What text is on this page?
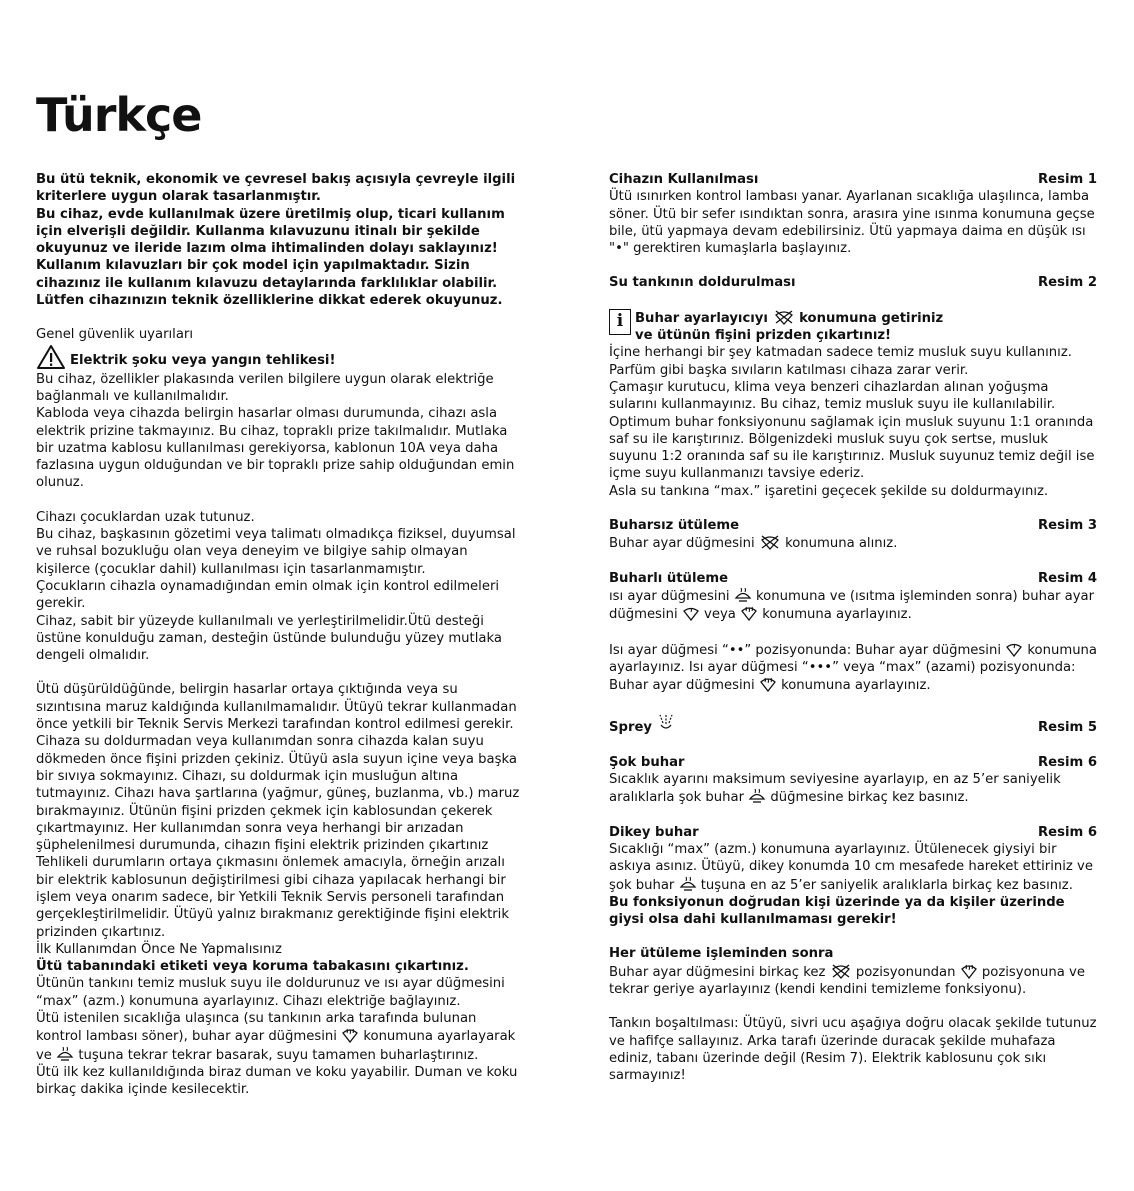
Türkçe

Bu ütü teknik, ekonomik ve çevresel bakış açısıyla çevreyle ilgili kriterlere uygun olarak tasarlanmıştır.

Bu cihaz, evde kullanılmak üzere üretilmiş olup, ticari kullanım için elverişli değildir. Kullanma kılavuzunu itinalı bir şekilde okuyunuz ve ileride lazım olma ihtimalinden dolayı saklayınız!

Kullanım kılavuzları bir çok model için yapılmaktadır. Sizin cihazınız ile kullanım kılavuzu detaylarında farklılıklar olabilir. Lütfen cihazınızın teknik özelliklerine dikkat ederek okuyunuz.

Genel güvenlik uyarıları

Elektrik şoku veya yangın tehlikesi!

Bu cihaz, özellikler plakasında verilen bilgilere uygun olarak elektriğe bağlanmalı ve kullanılmalıdır.

Kabloda veya cihazda belirgin hasarlar olması durumunda, cihazı asla elektrik prizine takmayınız. Bu cihaz, topraklı prize takılmalıdır. Mutlaka bir uzatma kablosu kullanılması gerekiyorsa, kablonun 10A veya daha fazlasına uygun olduğundan ve bir topraklı prize sahip olduğundan emin olunuz.

Cihazı çocuklardan uzak tutunuz.

Bu cihaz, başkasının gözetimi veya talimatı olmadıkça fiziksel, duyumsal ve ruhsal bozukluğu olan veya deneyim ve bilgiye sahip olmayan kişilerce (çocuklar dahil) kullanılması için tasarlanmamıştır.

Çocukların cihazla oynamadığından emin olmak için kontrol edilmeleri gerekir.

Cihaz, sabit bir yüzeyde kullanılmalı ve yerleştirilmelidir.Ütü desteği üstüne konulduğu zaman, desteğin üstünde bulunduğu yüzey mutlaka dengeli olmalıdır.

Ütü düşürüldüğünde, belirgin hasarlar ortaya çıktığında veya su sızıntısına maruz kaldığında kullanılmamalıdır. Ütüyü tekrar kullanmadan önce yetkili bir Teknik Servis Merkezi tarafından kontrol edilmesi gerekir. Cihaza su doldurmadan veya kullanımdan sonra cihazda kalan suyu dökmeden önce fişini prizden çekiniz. Ütüyü asla suyun içine veya başka bir sıvıya sokmayınız. Cihazı, su doldurmak için musluğun altına tutmayınız. Cihazı hava şartlarına (yağmur, güneş, buzlanma, vb.) maruz bırakmayınız. Ütünün fişini prizden çekmek için kablosundan çekerek çıkartmayınız. Her kullanımdan sonra veya herhangi bir arızadan şüphelenilmesi durumunda, cihazın fişini elektrik prizinden çıkartınız

Tehlikeli durumların ortaya çıkmasını önlemek amacıyla, örneğin arızalı bir elektrik kablosunun değiştirilmesi gibi cihaza yapılacak herhangi bir işlem veya onarım sadece, bir Yetkili Teknik Servis personeli tarafından gerçekleştirilmelidir. Ütüyü yalnız bırakmanız gerektiğinde fişini elektrik prizinden çıkartınız.

İlk Kullanımdan Önce Ne Yapmalısınız

Ütü tabanındaki etiketi veya koruma tabakasını çıkartınız.

Ütünün tankını temiz musluk suyu ile doldurunuz ve ısı ayar düğmesini “max” (azm.) konumuna ayarlayınız. Cihazı elektriğe bağlayınız.

Ütü istenilen sıcaklığa ulaşınca (su tankının arka tarafında bulunan kontrol lambası söner), buhar ayar düğmesini konumuna ayarlayarak ve tuşuna tekrar tekrar basarak, suyu tamamen buharlaştırınız.

Ütü ilk kez kullanıldığında biraz duman ve koku yayabilir. Duman ve koku birkaç dakika içinde kesilecektir.

Cihazın Kullanılması	Resim 1

Ütü ısınırken kontrol lambası yanar. Ayarlanan sıcaklığa ulaşılınca, lamba söner. Ütü bir sefer ısındıktan sonra, arasıra yine ısınma konumuna geçse bile, ütü yapmaya devam edebilirsiniz. Ütü yapmaya daima en düşük ısı "•" gerektiren kumaşlarla başlayınız.

Su tankının doldurulması	Resim 2
i Buhar ayarlayıcıyı konumuna getiriniz
ve ütünün fişini prizden çıkartınız!

İçine herhangi bir şey katmadan sadece temiz musluk suyu kullanınız.

Parfüm gibi başka sıvıların katılması cihaza zarar verir.

Çamaşır kurutucu, klima veya benzeri cihazlardan alınan yoğuşma sularını kullanmayınız. Bu cihaz, temiz musluk suyu ile kullanılabilir.

Optimum buhar fonksiyonunu sağlamak için musluk suyunu 1:1 oranında saf su ile karıştırınız. Bölgenizdeki musluk suyu çok sertse, musluk suyunu 1:2 oranında saf su ile karıştırınız. Musluk suyunuz temiz değil ise içme suyu kullanmanızı tavsiye ederiz.

Asla su tankına “max.” işaretini geçecek şekilde su doldurmayınız.

Buharsız ütüleme	Resim 3

Buhar ayar düğmesini konumuna alınız.

Buharlı ütüleme	Resim 4

ısı ayar düğmesini konumuna ve (ısıtma işleminden sonra) buhar ayar düğmesini veya konumuna ayarlayınız.

Isı ayar düğmesi “••” pozisyonunda: Buhar ayar düğmesini konumuna ayarlayınız. Isı ayar düğmesi “•••” veya “max” (azami) pozisyonunda: Buhar ayar düğmesini konumuna ayarlayınız.

Sprey	Resim 5
Şok buhar	Resim 6

Sıcaklık ayarını maksimum seviyesine ayarlayıp, en az 5’er saniyelik aralıklarla şok buhar düğmesine birkaç kez basınız.

Dikey buhar	Resim 6

Sıcaklığı “max” (azm.) konumuna ayarlayınız. Ütülenecek giysiyi bir askıya asınız. Ütüyü, dikey konumda 10 cm mesafede hareket ettiriniz ve şok buhar tuşuna en az 5’er saniyelik aralıklarla birkaç kez basınız.

Bu fonksiyonun doğrudan kişi üzerinde ya da kişiler üzerinde giysi olsa dahi kullanılmaması gerekir!

Her ütüleme işleminden sonra

Buhar ayar düğmesini birkaç kez pozisyonundan pozisyonuna ve tekrar geriye ayarlayınız (kendi kendini temizleme fonksiyonu).

Tankın boşaltılması: Ütüyü, sivri ucu aşağıya doğru olacak şekilde tutunuz ve hafifçe sallayınız. Arka tarafı üzerinde duracak şekilde muhafaza ediniz, tabanı üzerinde değil (Resim 7). Elektrik kablosunu çok sıkı sarmayınız!
